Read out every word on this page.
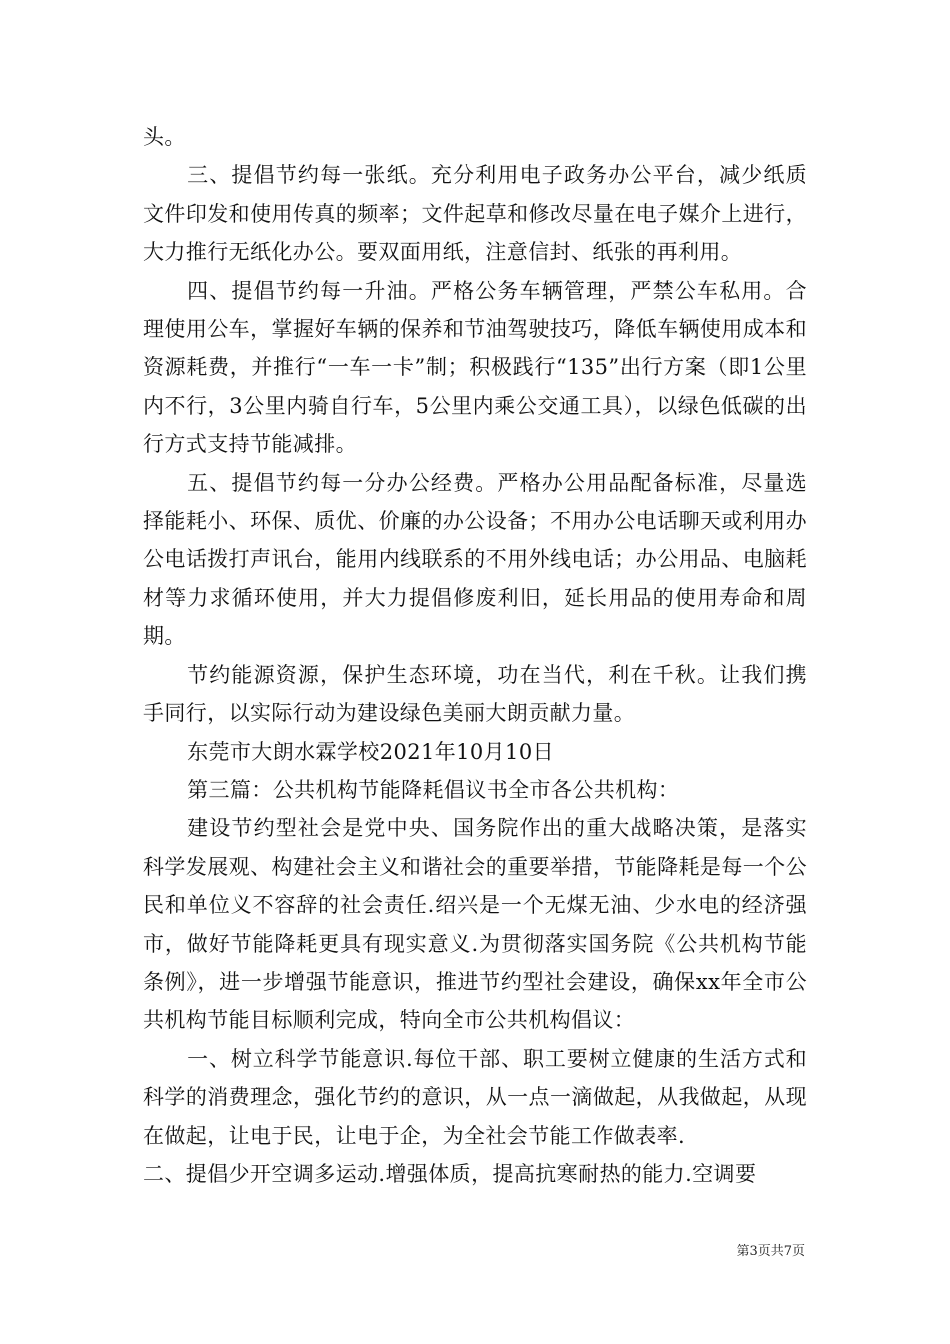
头。

三、提倡节约每一张纸。充分利用电子政务办公平台，减少纸质文件印发和使用传真的频率；文件起草和修改尽量在电子媒介上进行，大力推行无纸化办公。要双面用纸，注意信封、纸张的再利用。

四、提倡节约每一升油。严格公务车辆管理，严禁公车私用。合理使用公车，掌握好车辆的保养和节油驾驶技巧，降低车辆使用成本和资源耗费，并推行“一车一卡”制；积极践行“135”出行方案（即1公里内不行，3公里内骑自行车，5公里内乘公交通工具），以绿色低碳的出行方式支持节能减排。

五、提倡节约每一分办公经费。严格办公用品配备标准，尽量选择能耗小、环保、质优、价廉的办公设备；不用办公电话聊天或利用办公电话拨打声讯台，能用内线联系的不用外线电话；办公用品、电脑耗材等力求循环使用，并大力提倡修废利旧，延长用品的使用寿命和周期。

节约能源资源，保护生态环境，功在当代，利在千秋。让我们携手同行，以实际行动为建设绿色美丽大朗贡献力量。

东莞市大朗水霖学校2021年10月10日

第三篇：公共机构节能降耗倡议书全市各公共机构：

建设节约型社会是党中央、国务院作出的重大战略决策，是落实科学发展观、构建社会主义和谐社会的重要举措，节能降耗是每一个公民和单位义不容辞的社会责任.绍兴是一个无煤无油、少水电的经济强市，做好节能降耗更具有现实意义.为贯彻落实国务院《公共机构节能条例》，进一步增强节能意识，推进节约型社会建设，确保xx年全市公共机构节能目标顺利完成，特向全市公共机构倡议：

一、树立科学节能意识.每位干部、职工要树立健康的生活方式和科学的消费理念，强化节约的意识，从一点一滴做起，从我做起，从现在做起，让电于民，让电于企，为全社会节能工作做表率.

二、提倡少开空调多运动.增强体质，提高抗寒耐热的能力.空调要

第3页共7页
